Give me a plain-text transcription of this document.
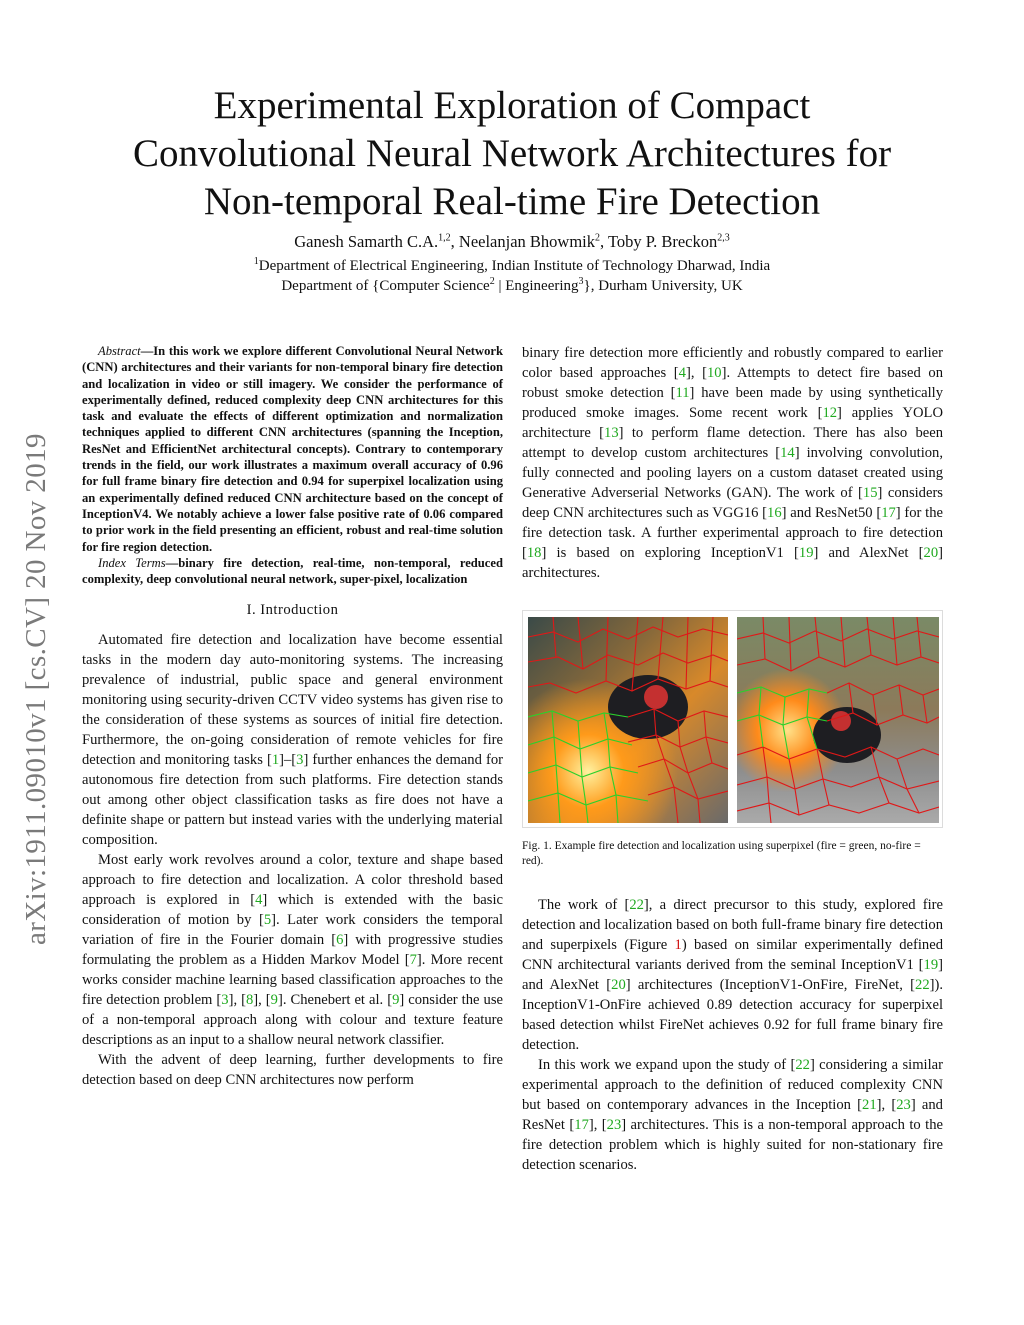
Experimental Exploration of Compact
Convolutional Neural Network Architectures for
Non-temporal Real-time Fire Detection
Ganesh Samarth C.A.$^{1,2}$, Neelanjan Bhowmik$^2$, Toby P. Breckon$^{2,3}$
$^1$Department of Electrical Engineering, Indian Institute of Technology Dharwad, India
Department of {Computer Science$^2$ | Engineering$^3$}, Durham University, UK
arXiv:1911.09010v1 [cs.CV] 20 Nov 2019

Abstract—In this work we explore different Convolutional Neural Network (CNN) architectures and their variants for non-temporal binary fire detection and localization in video or still imagery. We consider the performance of experimentally defined, reduced complexity deep CNN architectures for this task and evaluate the effects of different optimization and normalization techniques applied to different CNN architectures (spanning the Inception, ResNet and EfficientNet architectural concepts). Contrary to contemporary trends in the field, our work illustrates a maximum overall accuracy of 0.96 for full frame binary fire detection and 0.94 for superpixel localization using an experimentally defined reduced CNN architecture based on the concept of InceptionV4. We notably achieve a lower false positive rate of 0.06 compared to prior work in the field presenting an efficient, robust and real-time solution for fire region detection.

Index Terms—binary fire detection, real-time, non-temporal, reduced complexity, deep convolutional neural network, super-pixel, localization

I. Introduction

Automated fire detection and localization have become essential tasks in the modern day auto-monitoring systems. The increasing prevalence of industrial, public space and general environment monitoring using security-driven CCTV video systems has given rise to the consideration of these systems as sources of initial fire detection. Furthermore, the on-going consideration of remote vehicles for fire detection and monitoring tasks [1]–[3] further enhances the demand for autonomous fire detection from such platforms. Fire detection stands out among other object classification tasks as fire does not have a definite shape or pattern but instead varies with the underlying material composition.

Most early work revolves around a color, texture and shape based approach to fire detection and localization. A color threshold based approach is explored in [4] which is extended with the basic consideration of motion by [5]. Later work considers the temporal variation of fire in the Fourier domain [6] with progressive studies formulating the problem as a Hidden Markov Model [7]. More recent works consider machine learning based classification approaches to the fire detection problem [3], [8], [9]. Chenebert et al. [9] consider the use of a non-temporal approach along with colour and texture feature descriptions as an input to a shallow neural network classifier.

With the advent of deep learning, further developments to fire detection based on deep CNN architectures now perform

binary fire detection more efficiently and robustly compared to earlier color based approaches [4], [10]. Attempts to detect fire based on robust smoke detection [11] have been made by using synthetically produced smoke images. Some recent work [12] applies YOLO architecture [13] to perform flame detection. There has also been attempt to develop custom architectures [14] involving convolution, fully connected and pooling layers on a custom dataset created using Generative Adverserial Networks (GAN). The work of [15] considers deep CNN architectures such as VGG16 [16] and ResNet50 [17] for the fire detection task. A further experimental approach to fire detection [18] is based on exploring InceptionV1 [19] and AlexNet [20] architectures.

Fig. 1. Example fire detection and localization using superpixel (fire = green, no-fire = red).

The work of [22], a direct precursor to this study, explored fire detection and localization based on both full-frame binary fire detection and superpixels (Figure 1) based on similar experimentally defined CNN architectural variants derived from the seminal InceptionV1 [19] and AlexNet [20] architectures (InceptionV1-OnFire, FireNet, [22]). InceptionV1-OnFire achieved 0.89 detection accuracy for superpixel based detection whilst FireNet achieves 0.92 for full frame binary fire detection.

In this work we expand upon the study of [22] considering a similar experimental approach to the definition of reduced complexity CNN but based on contemporary advances in the Inception [21], [23] and ResNet [17], [23] architectures. This is a non-temporal approach to the fire detection problem which is highly suited for non-stationary fire detection scenarios.
